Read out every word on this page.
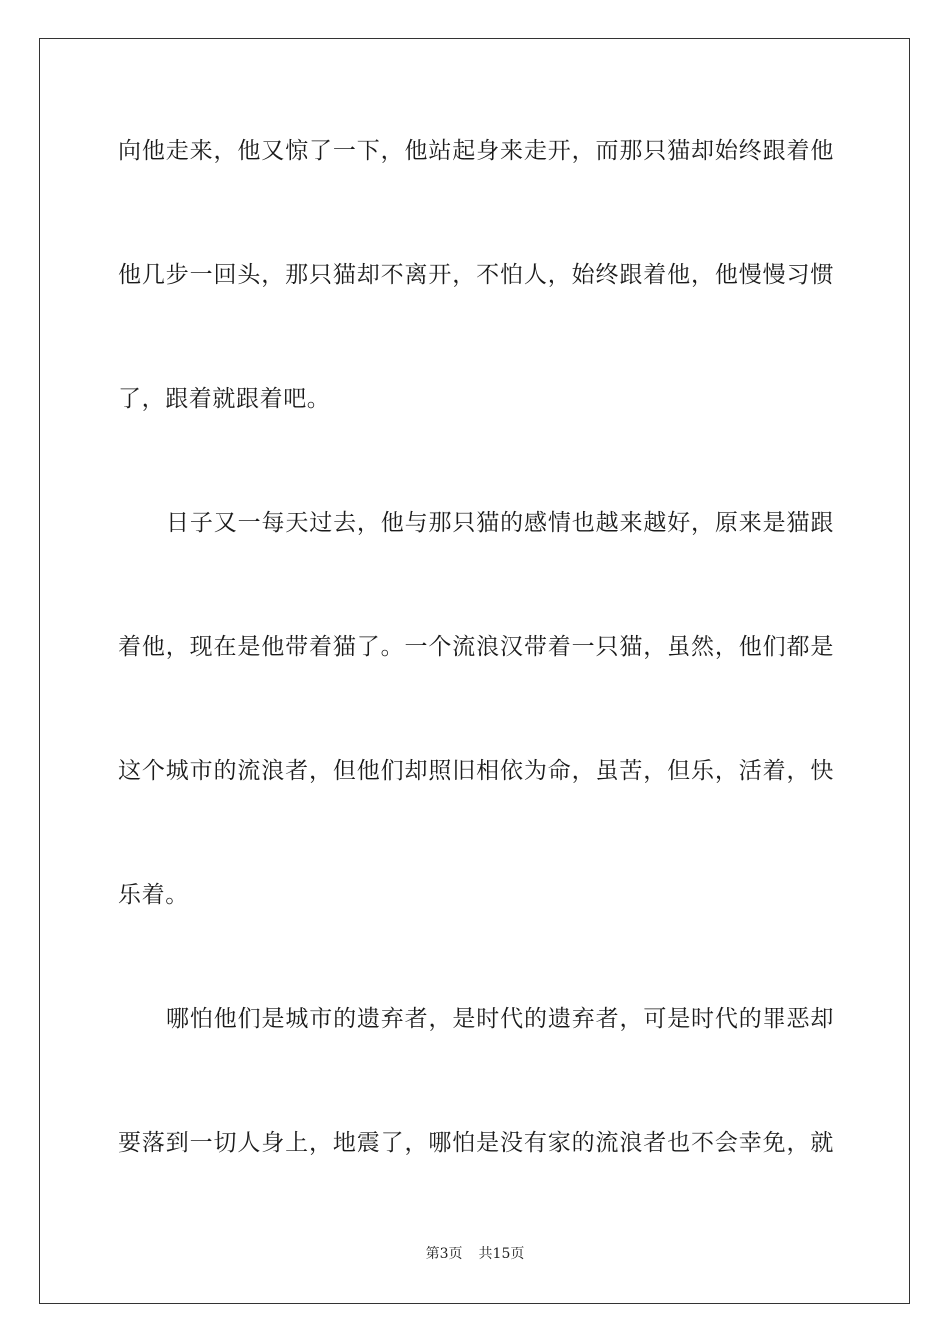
向他走来，他又惊了一下，他站起身来走开，而那只猫却始终跟着他
他几步一回头，那只猫却不离开，不怕人，始终跟着他，他慢慢习惯
了，跟着就跟着吧。
日子又一每天过去，他与那只猫的感情也越来越好，原来是猫跟
着他，现在是他带着猫了。一个流浪汉带着一只猫，虽然，他们都是
这个城市的流浪者，但他们却照旧相依为命，虽苦，但乐，活着，快
乐着。
哪怕他们是城市的遗弃者，是时代的遗弃者，可是时代的罪恶却
要落到一切人身上，地震了，哪怕是没有家的流浪者也不会幸免，就
第3页 共15页
